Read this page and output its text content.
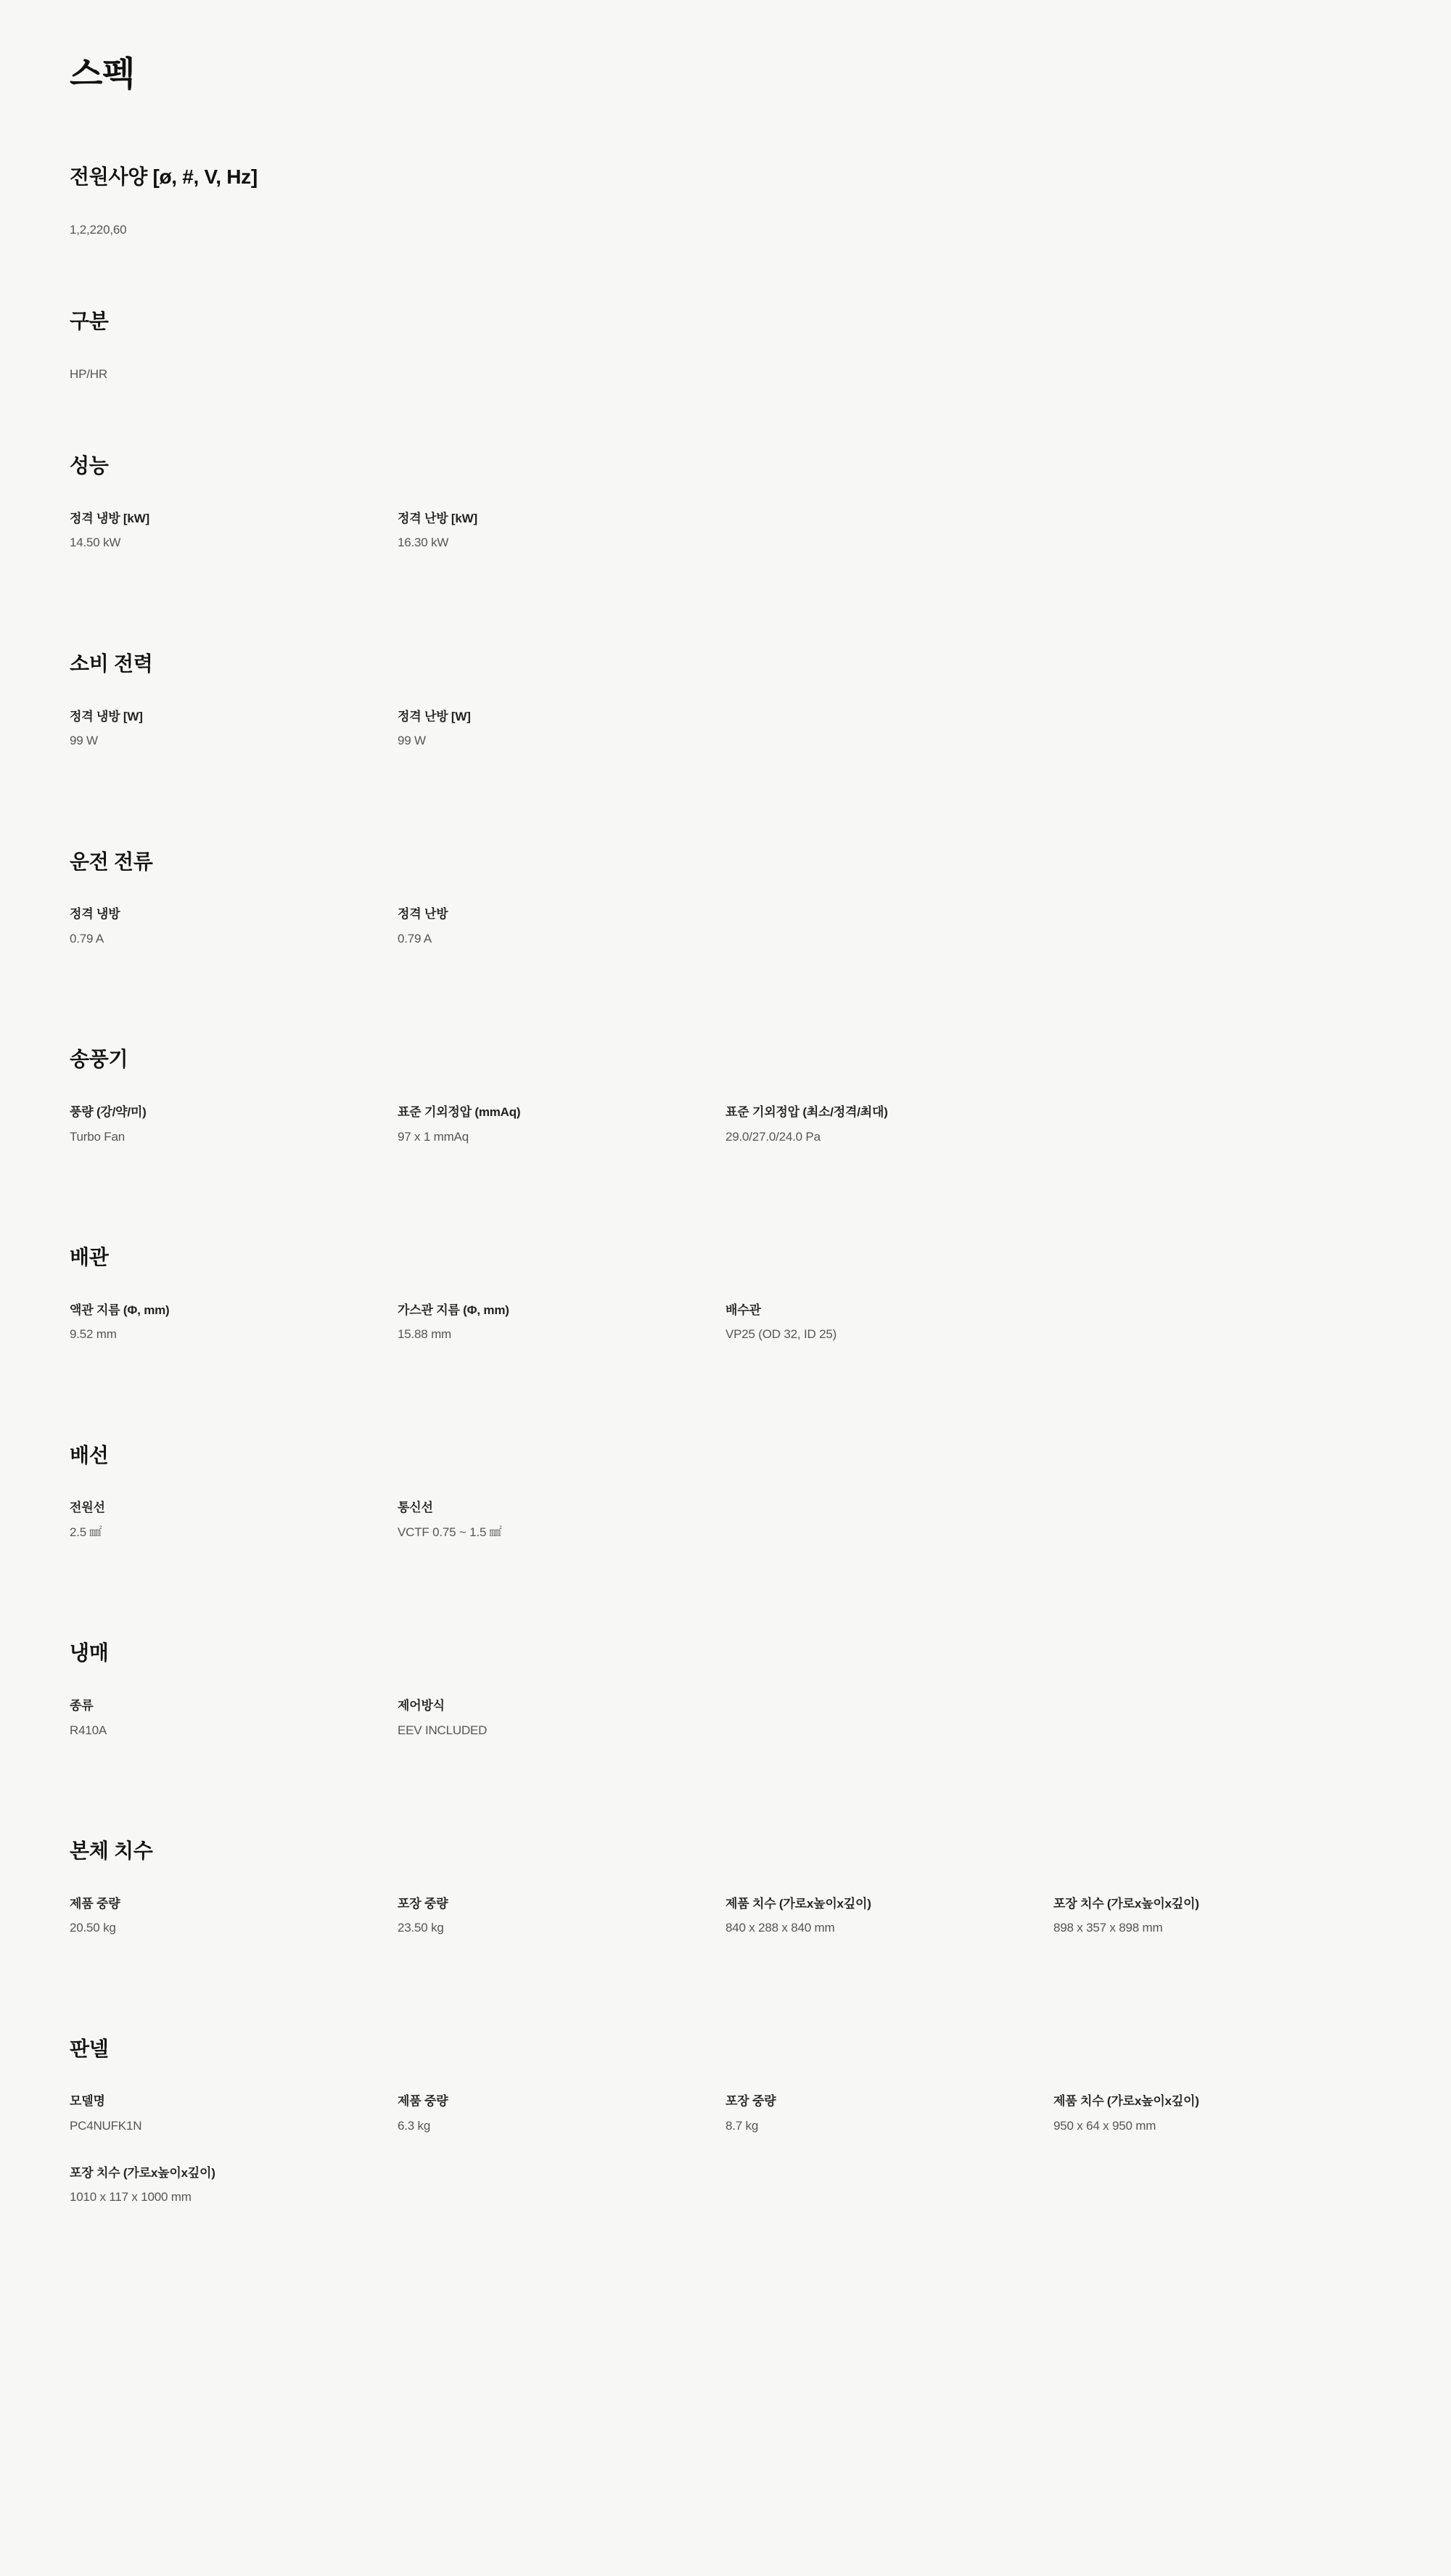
스펙
전원사양 [ø, #, V, Hz]
1,2,220,60
구분
HP/HR
성능
정격 냉방 [kW]
14.50 kW
정격 난방 [kW]
16.30 kW
소비 전력
정격 냉방 [W]
99 W
정격 난방 [W]
99 W
운전 전류
정격 냉방
0.79 A
정격 난방
0.79 A
송풍기
풍량 (강/약/미)
Turbo Fan
표준 기외정압 (mmAq)
97 x 1 mmAq
표준 기외정압 (최소/정격/최대)
29.0/27.0/24.0 Pa
배관
액관 지름 (Φ, mm)
9.52 mm
가스관 지름 (Φ, mm)
15.88 mm
배수관
VP25 (OD 32, ID 25)
배선
전원선
2.5 ㎟
통신선
VCTF 0.75 ~ 1.5 ㎟
냉매
종류
R410A
제어방식
EEV INCLUDED
본체 치수
제품 중량
20.50 kg
포장 중량
23.50 kg
제품 치수 (가로x높이x깊이)
840 x 288 x 840 mm
포장 치수 (가로x높이x깊이)
898 x 357 x 898 mm
판넬
모델명
PC4NUFK1N
제품 중량
6.3 kg
포장 중량
8.7 kg
제품 치수 (가로x높이x깊이)
950 x 64 x 950 mm
포장 치수 (가로x높이x깊이)
1010 x 117 x 1000 mm
